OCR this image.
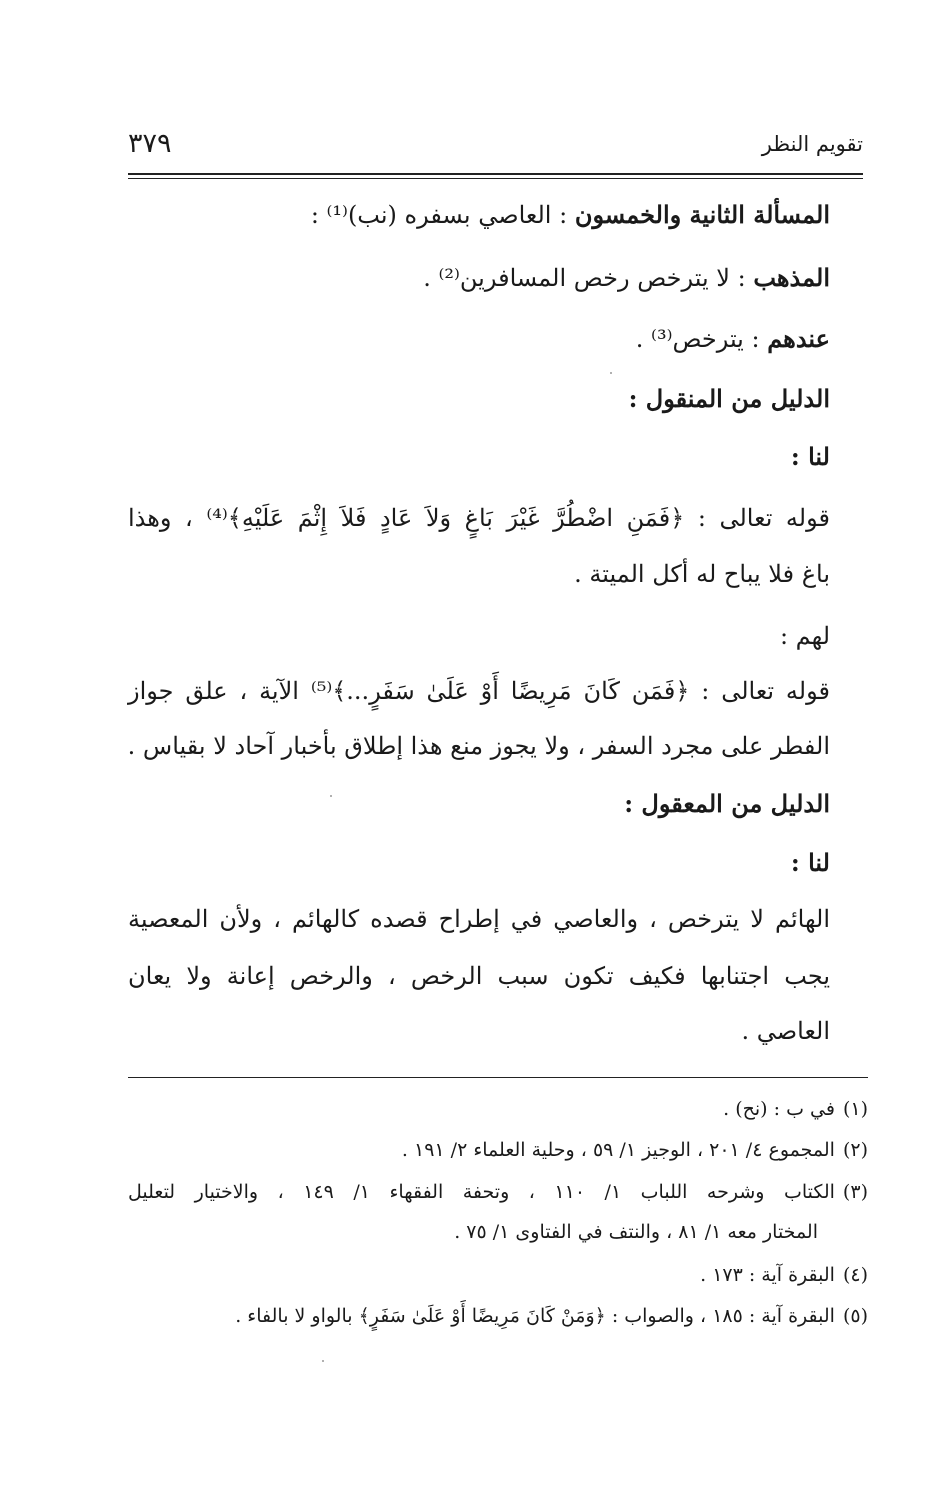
تقويم النظر
٣٧٩
المسألة الثانية والخمسون : العاصي بسفره (نب)⁽¹⁾ :
المذهب : لا يترخص رخص المسافرين⁽²⁾ .
عندهم : يترخص⁽³⁾ .
الدليل من المنقول :
لنا :
قوله تعالى : ﴿فَمَنِ اضْطُرَّ غَيْرَ بَاغٍ وَلاَ عَادٍ فَلاَ إِثْمَ عَلَيْهِ﴾⁽⁴⁾ ، وهذا
باغ فلا يباح له أكل الميتة .
لهم :
قوله تعالى : ﴿فَمَن كَانَ مَرِيضًا أَوْ عَلَىٰ سَفَرٍ...﴾⁽⁵⁾ الآية ، علق جواز
الفطر على مجرد السفر ، ولا يجوز منع هذا إطلاق بأخبار آحاد لا بقياس .
الدليل من المعقول :
لنا :
الهائم لا يترخص ، والعاصي في إطراح قصده كالهائم ، ولأن المعصية
يجب اجتنابها فكيف تكون سبب الرخص ، والرخص إعانة ولا يعان
العاصي .
(١)في ب : (نح) .
(٢)المجموع ٤/ ٢٠١ ، الوجيز ١/ ٥٩ ، وحلية العلماء ٢/ ١٩١ .
(٣)الكتاب وشرحه اللباب ١/ ١١٠ ، وتحفة الفقهاء ١/ ١٤٩ ، والاختيار لتعليل
المختار معه ١/ ٨١ ، والنتف في الفتاوى ١/ ٧٥ .
(٤)البقرة آية : ١٧٣ .
(٥)البقرة آية : ١٨٥ ، والصواب : ﴿وَمَنْ كَانَ مَرِيضًا أَوْ عَلَىٰ سَفَرٍ﴾ بالواو لا بالفاء .
